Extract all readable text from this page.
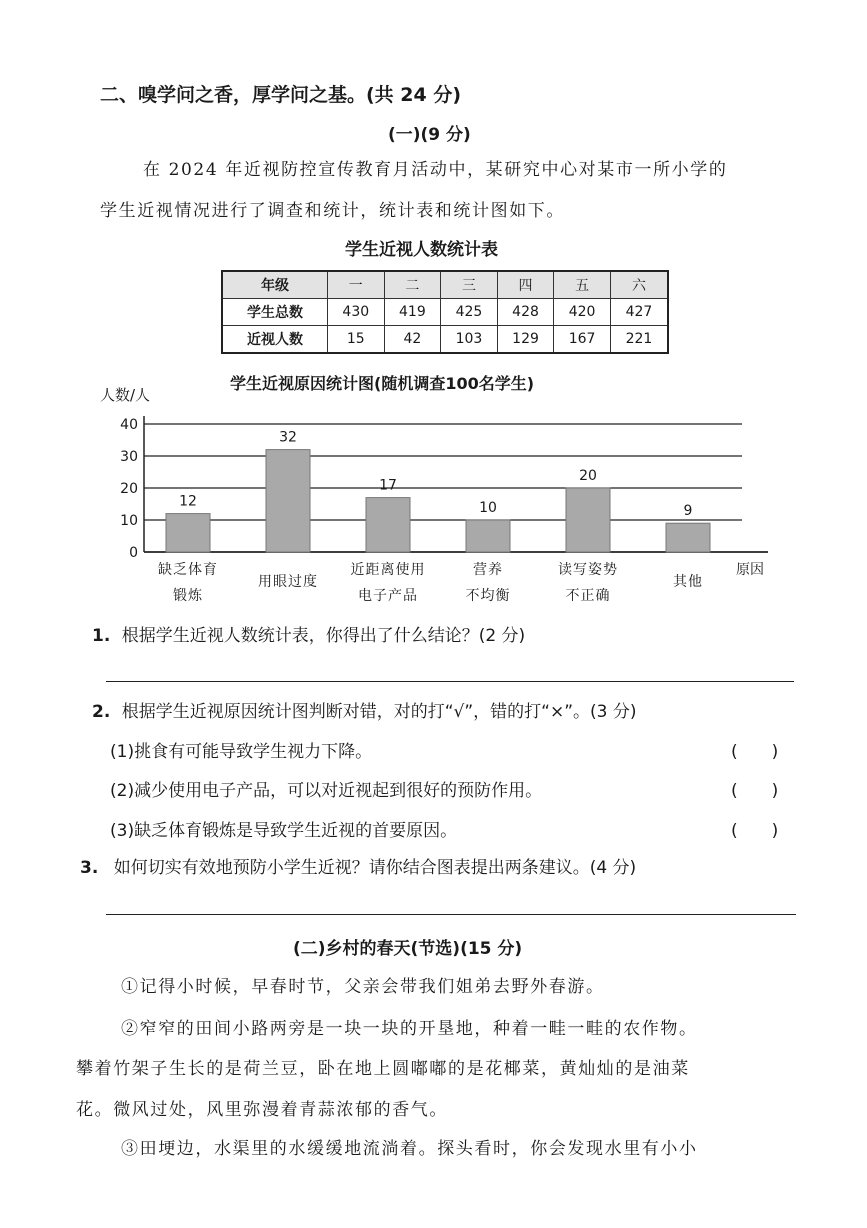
二、嗅学问之香，厚学问之基。(共 24 分)
(一)(9 分)
在 2024 年近视防控宣传教育月活动中，某研究中心对某市一所小学的
学生近视情况进行了调查和统计，统计表和统计图如下。
学生近视人数统计表
年级	一	二	三	四	五	六
学生总数	430	419	425	428	420	427
近视人数	15	42	103	129	167	221
学生近视原因统计图(随机调查100名学生)
人数/人
原因
0
10
20
30
40
12
缺乏体育
锻炼
32
用眼过度
17
近距离使用
电子产品
10
营养
不均衡
20
读写姿势
不正确
9
其他
1. 根据学生近视人数统计表，你得出了什么结论？(2 分)
2. 根据学生近视原因统计图判断对错，对的打“√”，错的打“×”。(3 分)
(1)挑食有可能导致学生视力下降。	(　　)
(2)减少使用电子产品，可以对近视起到很好的预防作用。	(　　)
(3)缺乏体育锻炼是导致学生近视的首要原因。	(　　)
3. 如何切实有效地预防小学生近视？请你结合图表提出两条建议。(4 分)
(二)乡村的春天(节选)(15 分)
①记得小时候，早春时节，父亲会带我们姐弟去野外春游。
②窄窄的田间小路两旁是一块一块的开垦地，种着一畦一畦的农作物。
攀着竹架子生长的是荷兰豆，卧在地上圆嘟嘟的是花椰菜，黄灿灿的是油菜
花。微风过处，风里弥漫着青蒜浓郁的香气。
③田埂边，水渠里的水缓缓地流淌着。探头看时，你会发现水里有小小
